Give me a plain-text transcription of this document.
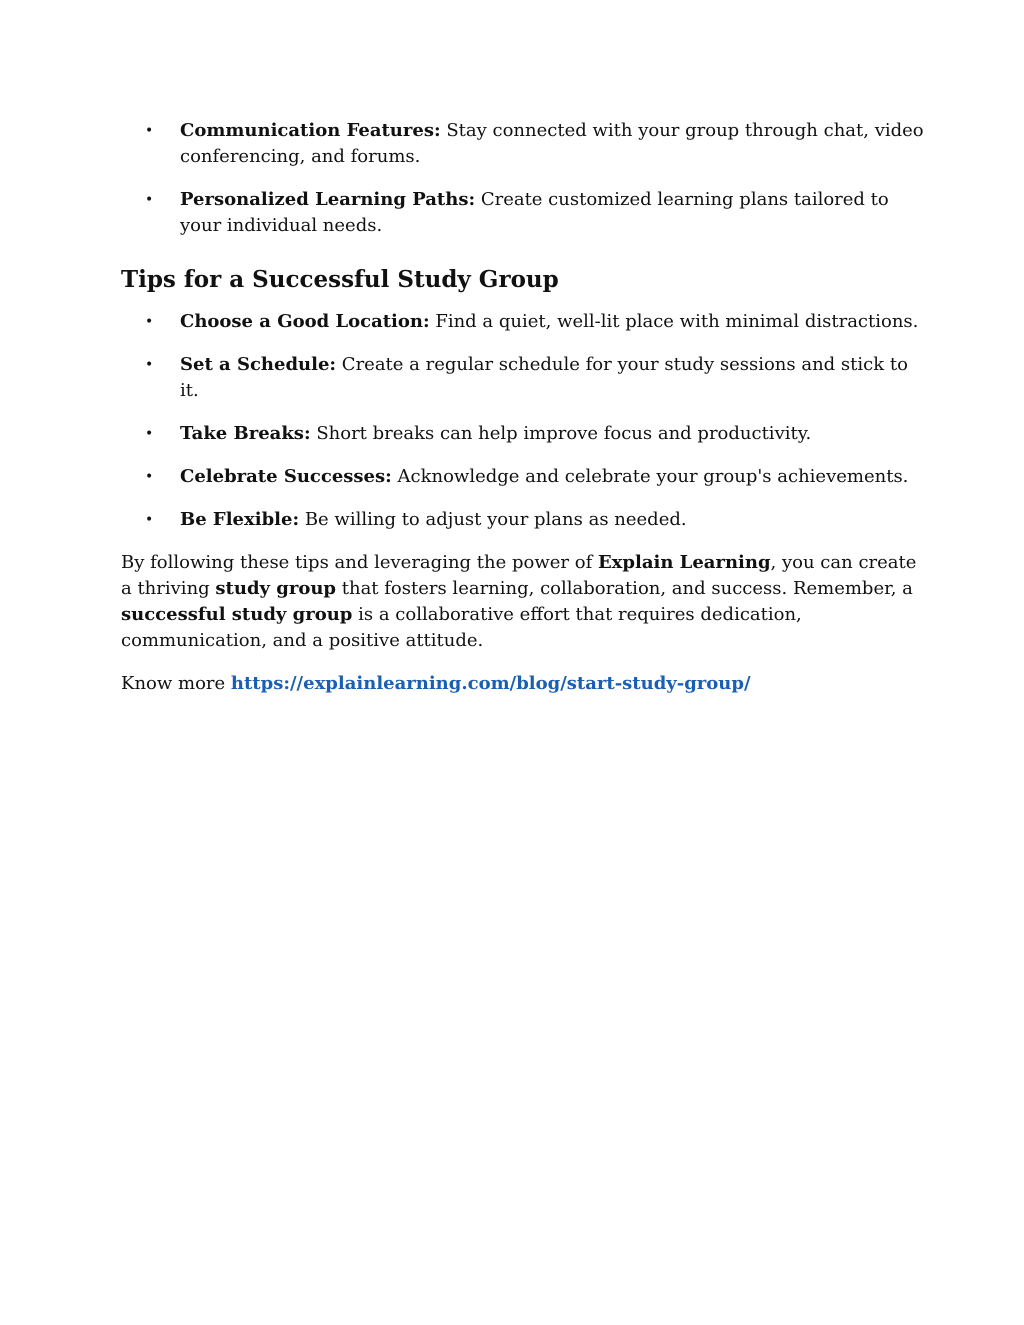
• Communication Features: Stay connected with your group through chat, video conferencing, and forums.
• Personalized Learning Paths: Create customized learning plans tailored to your individual needs.
Tips for a Successful Study Group
• Choose a Good Location: Find a quiet, well-lit place with minimal distractions.
• Set a Schedule: Create a regular schedule for your study sessions and stick to it.
• Take Breaks: Short breaks can help improve focus and productivity.
• Celebrate Successes: Acknowledge and celebrate your group's achievements.
• Be Flexible: Be willing to adjust your plans as needed.

By following these tips and leveraging the power of Explain Learning, you can create a thriving study group that fosters learning, collaboration, and success. Remember, a successful study group is a collaborative effort that requires dedication, communication, and a positive attitude.

Know more https://explainlearning.com/blog/start-study-group/
